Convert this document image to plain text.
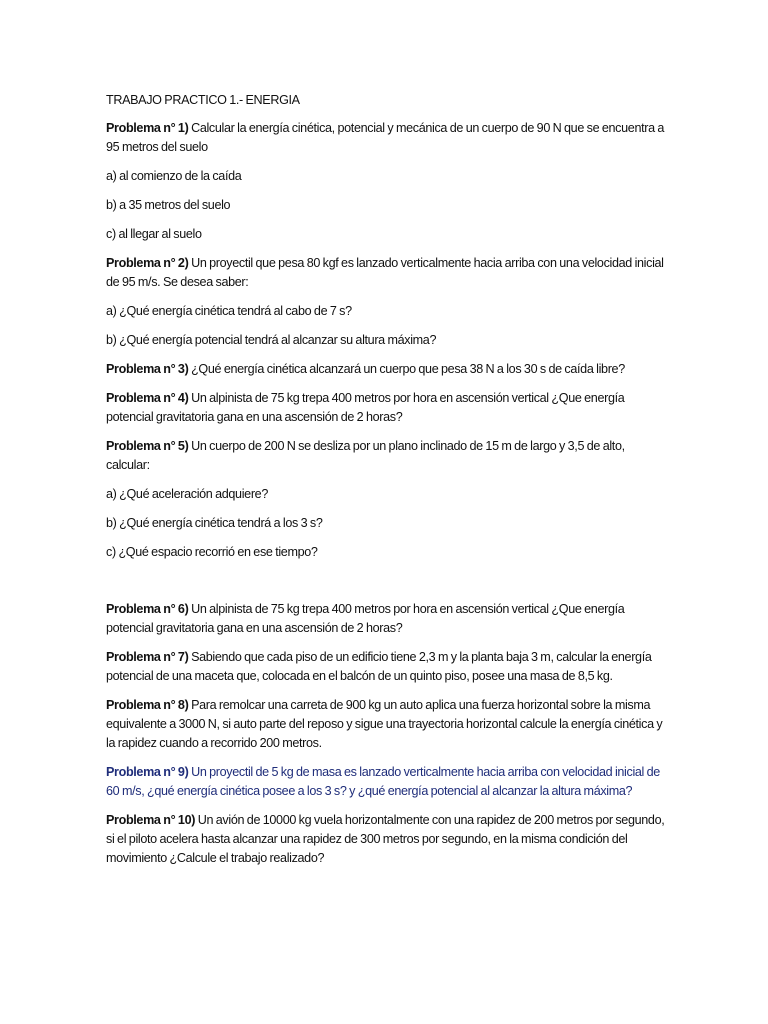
TRABAJO PRACTICO 1.- ENERGIA

Problema n° 1) Calcular la energía cinética, potencial y mecánica de un cuerpo de 90 N que se encuentra a 95 metros del suelo

a) al comienzo de la caída

b) a 35 metros del suelo

c) al llegar al suelo

Problema n° 2) Un proyectil que pesa 80 kgf es lanzado verticalmente hacia arriba con una velocidad inicial de 95 m/s. Se desea saber:

a) ¿Qué energía cinética tendrá al cabo de 7 s?

b) ¿Qué energía potencial tendrá al alcanzar su altura máxima?

Problema n° 3) ¿Qué energía cinética alcanzará un cuerpo que pesa 38 N a los 30 s de caída libre?

Problema n° 4) Un alpinista de 75 kg trepa 400 metros por hora en ascensión vertical ¿Que energía potencial gravitatoria gana en una ascensión de 2 horas?

Problema n° 5) Un cuerpo de 200 N se desliza por un plano inclinado de 15 m de largo y 3,5 de alto, calcular:

a) ¿Qué aceleración adquiere?

b) ¿Qué energía cinética tendrá a los 3 s?

c) ¿Qué espacio recorrió en ese tiempo?

Problema n° 6) Un alpinista de 75 kg trepa 400 metros por hora en ascensión vertical ¿Que energía potencial gravitatoria gana en una ascensión de 2 horas?

Problema n° 7) Sabiendo que cada piso de un edificio tiene 2,3 m y la planta baja 3 m, calcular la energía potencial de una maceta que, colocada en el balcón de un quinto piso, posee una masa de 8,5 kg.

Problema n° 8) Para remolcar una carreta de 900 kg un auto aplica una fuerza horizontal sobre la misma equivalente a 3000 N, si auto parte del reposo y sigue una trayectoria horizontal calcule la energía cinética y la rapidez cuando a recorrido 200 metros.

Problema n° 9) Un proyectil de 5 kg de masa es lanzado verticalmente hacia arriba con velocidad inicial de 60 m/s, ¿qué energía cinética posee a los 3 s? y ¿qué energía potencial al alcanzar la altura máxima?

Problema n° 10) Un avión de 10000 kg vuela horizontalmente con una rapidez de 200 metros por segundo, si el piloto acelera hasta alcanzar una rapidez de 300 metros por segundo, en la misma condición del movimiento ¿Calcule el trabajo realizado?
